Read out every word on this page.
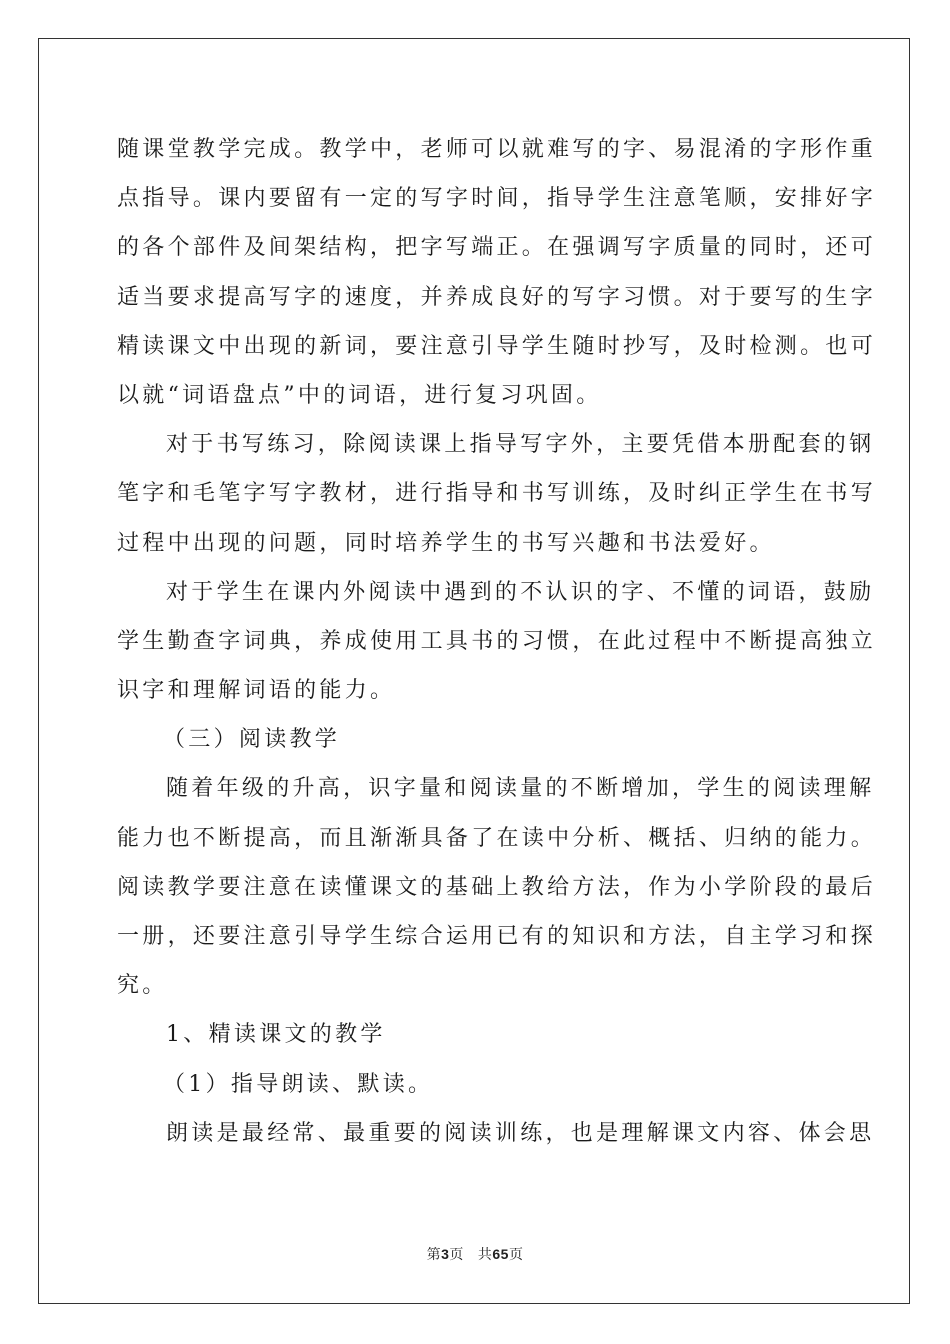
随课堂教学完成。教学中，老师可以就难写的字、易混淆的字形作重
点指导。课内要留有一定的写字时间，指导学生注意笔顺，安排好字
的各个部件及间架结构，把字写端正。在强调写字质量的同时，还可
适当要求提高写字的速度，并养成良好的写字习惯。对于要写的生字
精读课文中出现的新词，要注意引导学生随时抄写，及时检测。也可
以就“词语盘点”中的词语，进行复习巩固。
对于书写练习，除阅读课上指导写字外，主要凭借本册配套的钢
笔字和毛笔字写字教材，进行指导和书写训练，及时纠正学生在书写
过程中出现的问题，同时培养学生的书写兴趣和书法爱好。
对于学生在课内外阅读中遇到的不认识的字、不懂的词语，鼓励
学生勤查字词典，养成使用工具书的习惯，在此过程中不断提高独立
识字和理解词语的能力。
（三）阅读教学
随着年级的升高，识字量和阅读量的不断增加，学生的阅读理解
能力也不断提高，而且渐渐具备了在读中分析、概括、归纳的能力。
阅读教学要注意在读懂课文的基础上教给方法，作为小学阶段的最后
一册，还要注意引导学生综合运用已有的知识和方法，自主学习和探
究。
1、精读课文的教学
（1）指导朗读、默读。
朗读是最经常、最重要的阅读训练，也是理解课文内容、体会思
第3页 共65页
